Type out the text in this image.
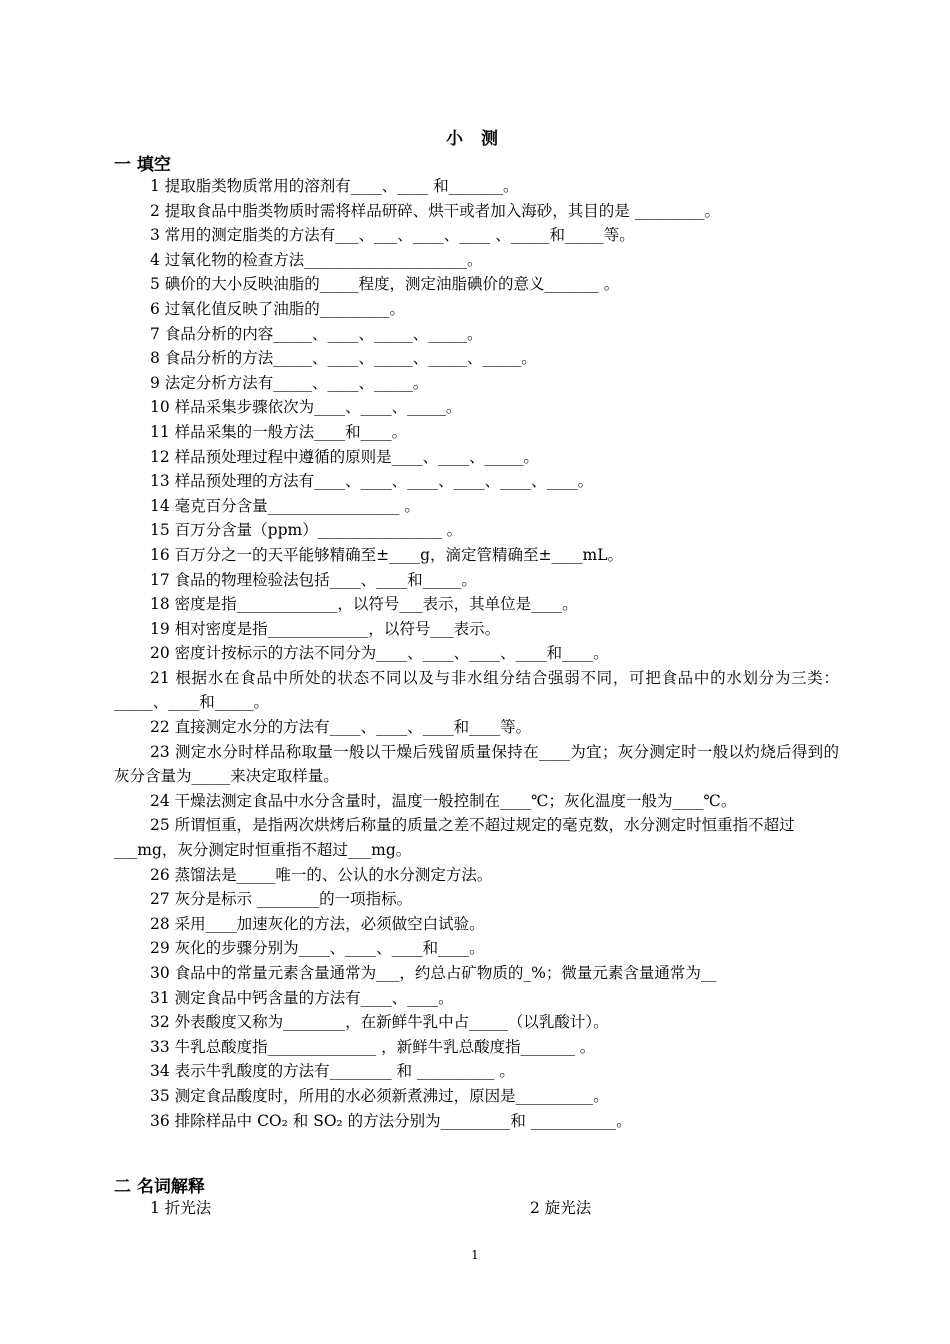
小 测
一 填空
1 提取脂类物质常用的溶剂有____、____ 和_______。
2 提取食品中脂类物质时需将样品研碎、烘干或者加入海砂，其目的是 _________。
3 常用的测定脂类的方法有___、___、____、____ 、_____和_____等。
4 过氧化物的检查方法_____________________。
5 碘价的大小反映油脂的_____程度，测定油脂碘价的意义_______ 。
6 过氧化值反映了油脂的_________。
7 食品分析的内容_____、____、_____、_____。
8 食品分析的方法_____、____、_____、_____、_____。
9 法定分析方法有_____、____、_____。
10 样品采集步骤依次为____、____、_____。
11 样品采集的一般方法____和____。
12 样品预处理过程中遵循的原则是____、____、_____。
13 样品预处理的方法有____、____、____、____、____、____。
14 毫克百分含量_________________ 。
15 百万分含量（ppm）________________ 。
16 百万分之一的天平能够精确至±____g，滴定管精确至±____mL。
17 食品的物理检验法包括____、____和_____。
18 密度是指_____________，以符号___表示，其单位是____。
19 相对密度是指_____________，以符号___表示。
20 密度计按标示的方法不同分为____、____、____、____和____。
21 根据水在食品中所处的状态不同以及与非水组分结合强弱不同，可把食品中的水划分为三类：_____、____和_____。
22 直接测定水分的方法有____、____、____和____等。
23 测定水分时样品称取量一般以干燥后残留质量保持在____为宜；灰分测定时一般以灼烧后得到的灰分含量为_____来决定取样量。
24 干燥法测定食品中水分含量时，温度一般控制在____℃；灰化温度一般为____℃。
25 所谓恒重，是指两次烘烤后称量的质量之差不超过规定的毫克数，水分测定时恒重指不超过
___mg，灰分测定时恒重指不超过___mg。
26 蒸馏法是_____唯一的、公认的水分测定方法。
27 灰分是标示 ________的一项指标。
28 采用____加速灰化的方法，必须做空白试验。
29 灰化的步骤分别为____、____、____和____。
30 食品中的常量元素含量通常为___，约总占矿物质的_%；微量元素含量通常为__
31 测定食品中钙含量的方法有____、____。
32 外表酸度又称为________，在新鲜牛乳中占_____（以乳酸计）。
33 牛乳总酸度指______________ ，新鲜牛乳总酸度指_______ 。
34 表示牛乳酸度的方法有________ 和 __________ 。
35 测定食品酸度时，所用的水必须新煮沸过，原因是__________。
36 排除样品中 CO₂ 和 SO₂ 的方法分别为_________和 ___________。
二 名词解释
1 折光法	2 旋光法
1
